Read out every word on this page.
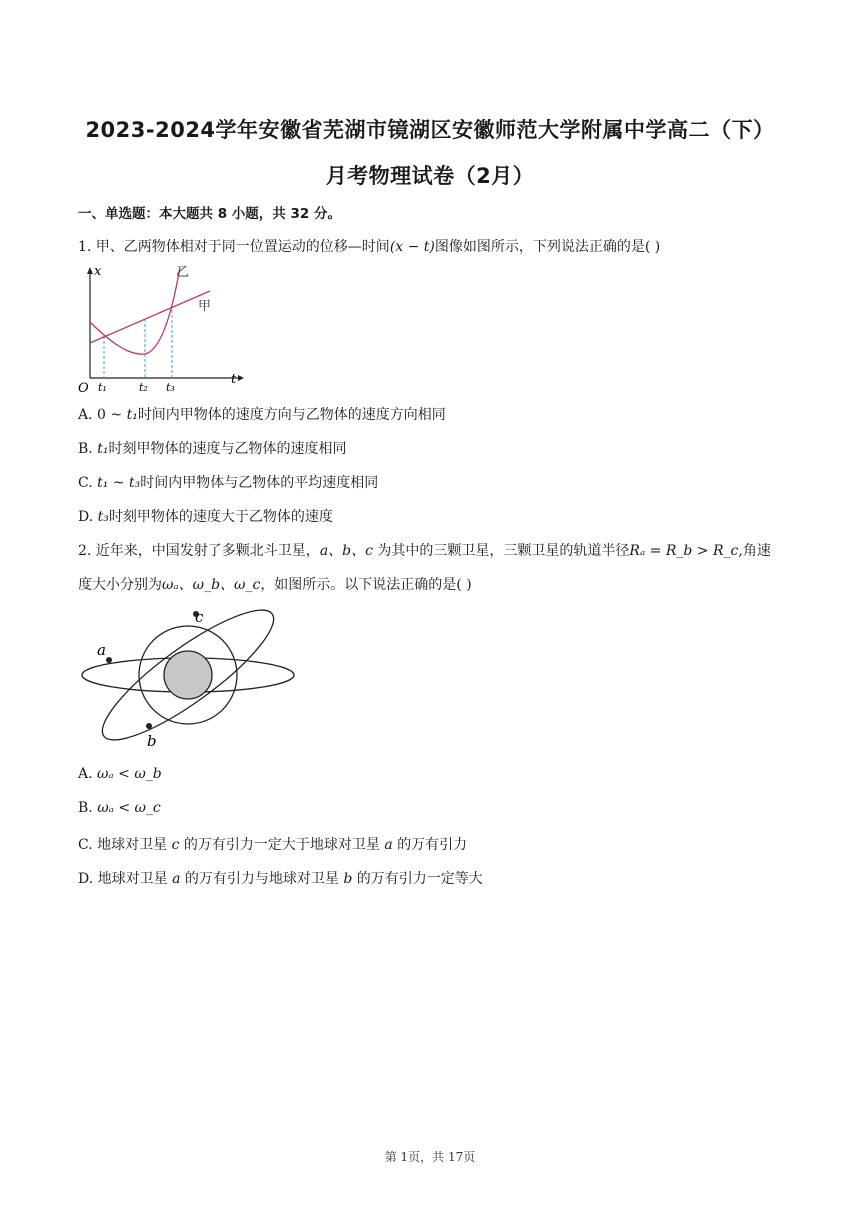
2023-2024学年安徽省芜湖市镜湖区安徽师范大学附属中学高二（下）
月考物理试卷（2月）
一、单选题：本大题共 8 小题，共 32 分。
1. 甲、乙两物体相对于同一位置运动的位移—时间(x − t)图像如图所示，下列说法正确的是( )
x
t
O t₁	t₂ t₃
乙
甲
A. 0 ~ t₁时间内甲物体的速度方向与乙物体的速度方向相同
B. t₁时刻甲物体的速度与乙物体的速度相同
C. t₁ ~ t₃时间内甲物体与乙物体的平均速度相同
D. t₃时刻甲物体的速度大于乙物体的速度
2. 近年来，中国发射了多颗北斗卫星，a、b、c 为其中的三颗卫星，三颗卫星的轨道半径Rₐ = R_b > R_c,角速
度大小分别为ωₐ、ω_b、ω_c，如图所示。以下说法正确的是( )
a
c
b
A. ωₐ < ω_b
B. ωₐ < ω_c
C. 地球对卫星 c 的万有引力一定大于地球对卫星 a 的万有引力
D. 地球对卫星 a 的万有引力与地球对卫星 b 的万有引力一定等大
第 1页，共 17页
